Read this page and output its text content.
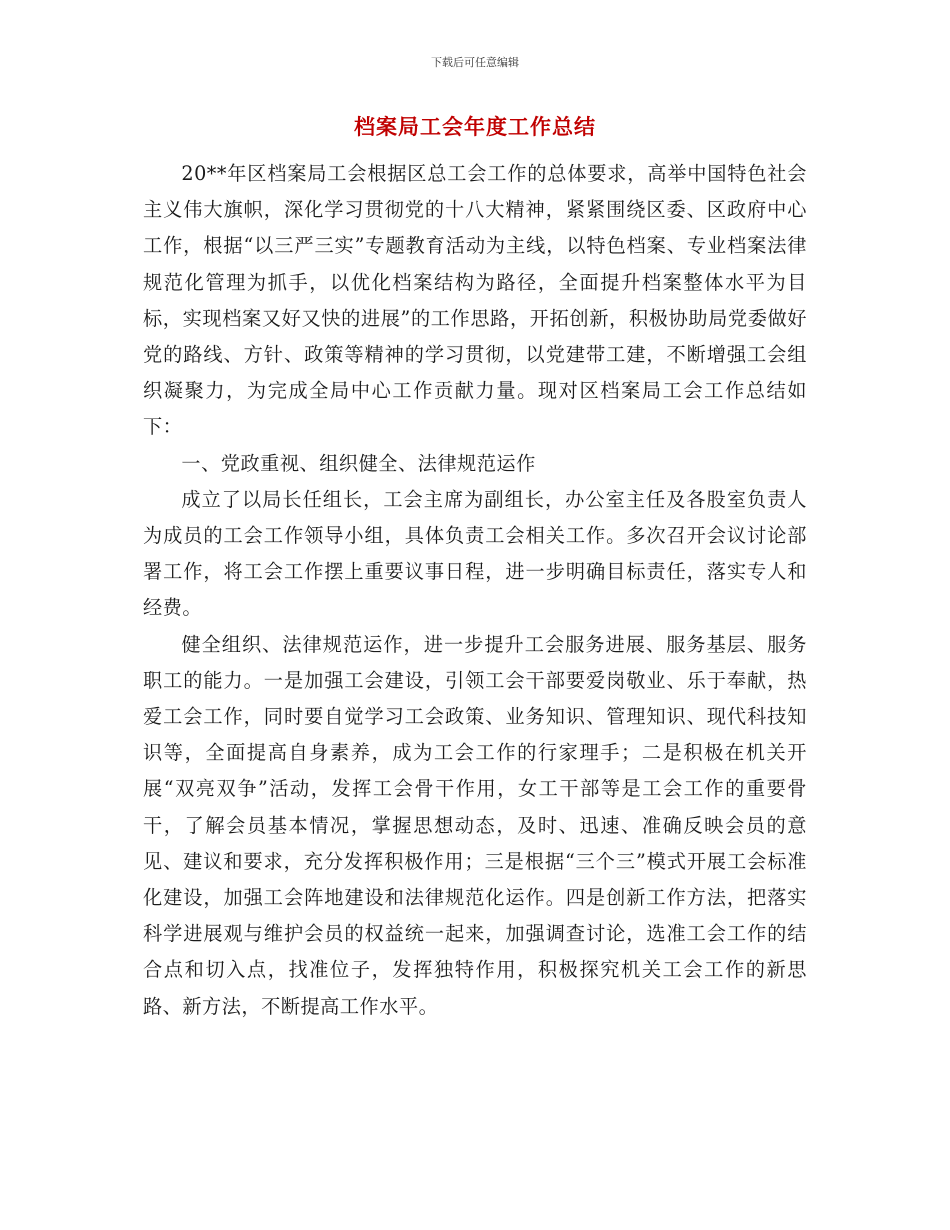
下载后可任意编辑
档案局工会年度工作总结

20**年区档案局工会根据区总工会工作的总体要求，高举中国特色社会主义伟大旗帜，深化学习贯彻党的十八大精神，紧紧围绕区委、区政府中心工作，根据“以三严三实”专题教育活动为主线，以特色档案、专业档案法律规范化管理为抓手，以优化档案结构为路径，全面提升档案整体水平为目标，实现档案又好又快的进展”的工作思路，开拓创新，积极协助局党委做好党的路线、方针、政策等精神的学习贯彻，以党建带工建，不断增强工会组织凝聚力，为完成全局中心工作贡献力量。现对区档案局工会工作总结如下：

一、党政重视、组织健全、法律规范运作

成立了以局长任组长，工会主席为副组长，办公室主任及各股室负责人为成员的工会工作领导小组，具体负责工会相关工作。多次召开会议讨论部署工作，将工会工作摆上重要议事日程，进一步明确目标责任，落实专人和经费。

健全组织、法律规范运作，进一步提升工会服务进展、服务基层、服务职工的能力。一是加强工会建设，引领工会干部要爱岗敬业、乐于奉献，热爱工会工作，同时要自觉学习工会政策、业务知识、管理知识、现代科技知识等，全面提高自身素养，成为工会工作的行家理手；二是积极在机关开展“双亮双争”活动，发挥工会骨干作用，女工干部等是工会工作的重要骨干，了解会员基本情况，掌握思想动态，及时、迅速、准确反映会员的意见、建议和要求，充分发挥积极作用；三是根据“三个三”模式开展工会标准化建设，加强工会阵地建设和法律规范化运作。四是创新工作方法，把落实科学进展观与维护会员的权益统一起来，加强调查讨论，选准工会工作的结合点和切入点，找准位子，发挥独特作用，积极探究机关工会工作的新思路、新方法，不断提高工作水平。
